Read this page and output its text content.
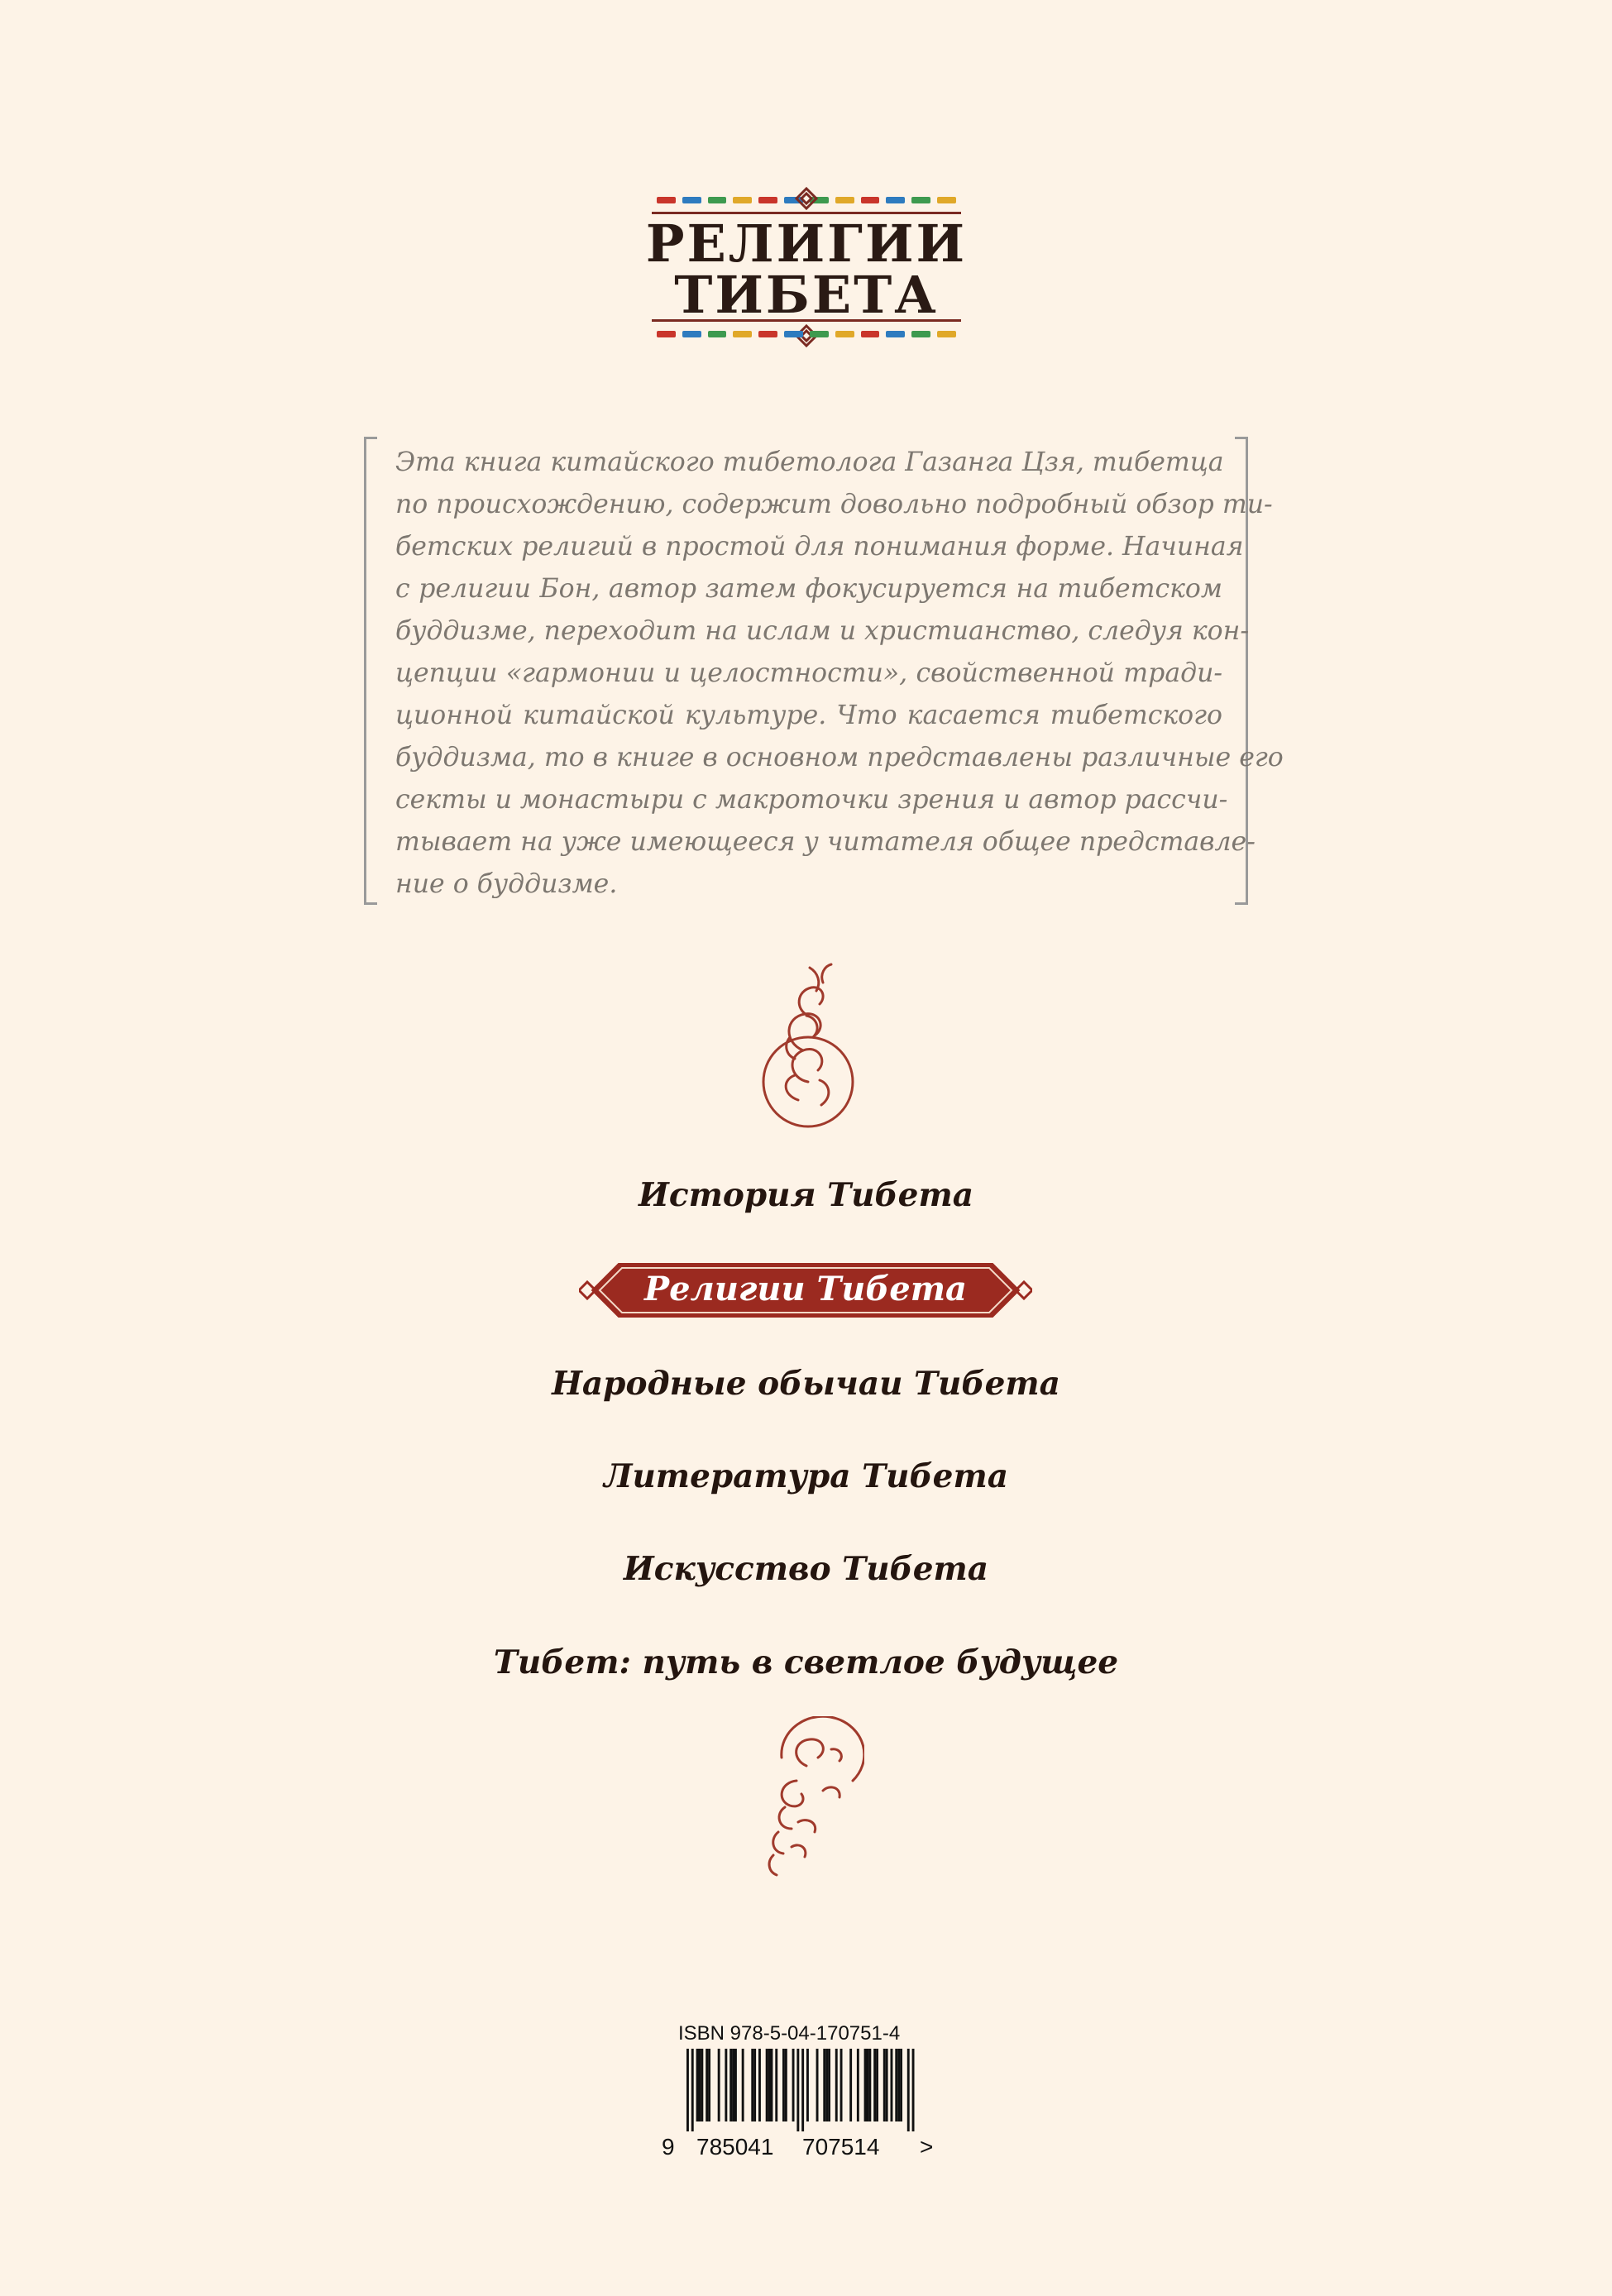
РЕЛИГИИ
ТИБЕТА

Эта книга китайского тибетолога Газанга Цзя, тибетца
по происхождению, содержит довольно подробный обзор ти-
бетских религий в простой для понимания форме. Начиная
с религии Бон, автор затем фокусируется на тибетском
буддизме, переходит на ислам и христианство, следуя кон-
цепции «гармонии и целостности», свойственной тради-
ционной китайской культуре. Что касается тибетского
буддизма, то в книге в основном представлены различные его
секты и монастыри с макроточки зрения и автор рассчи-
тывает на уже имеющееся у читателя общее представле-
ние о буддизме.

История Тибета
Религии Тибета
Народные обычаи Тибета
Литература Тибета
Искусство Тибета
Тибет: путь в светлое будущее
ISBN 978-5-04-170751-4
9 785041 707514 >
